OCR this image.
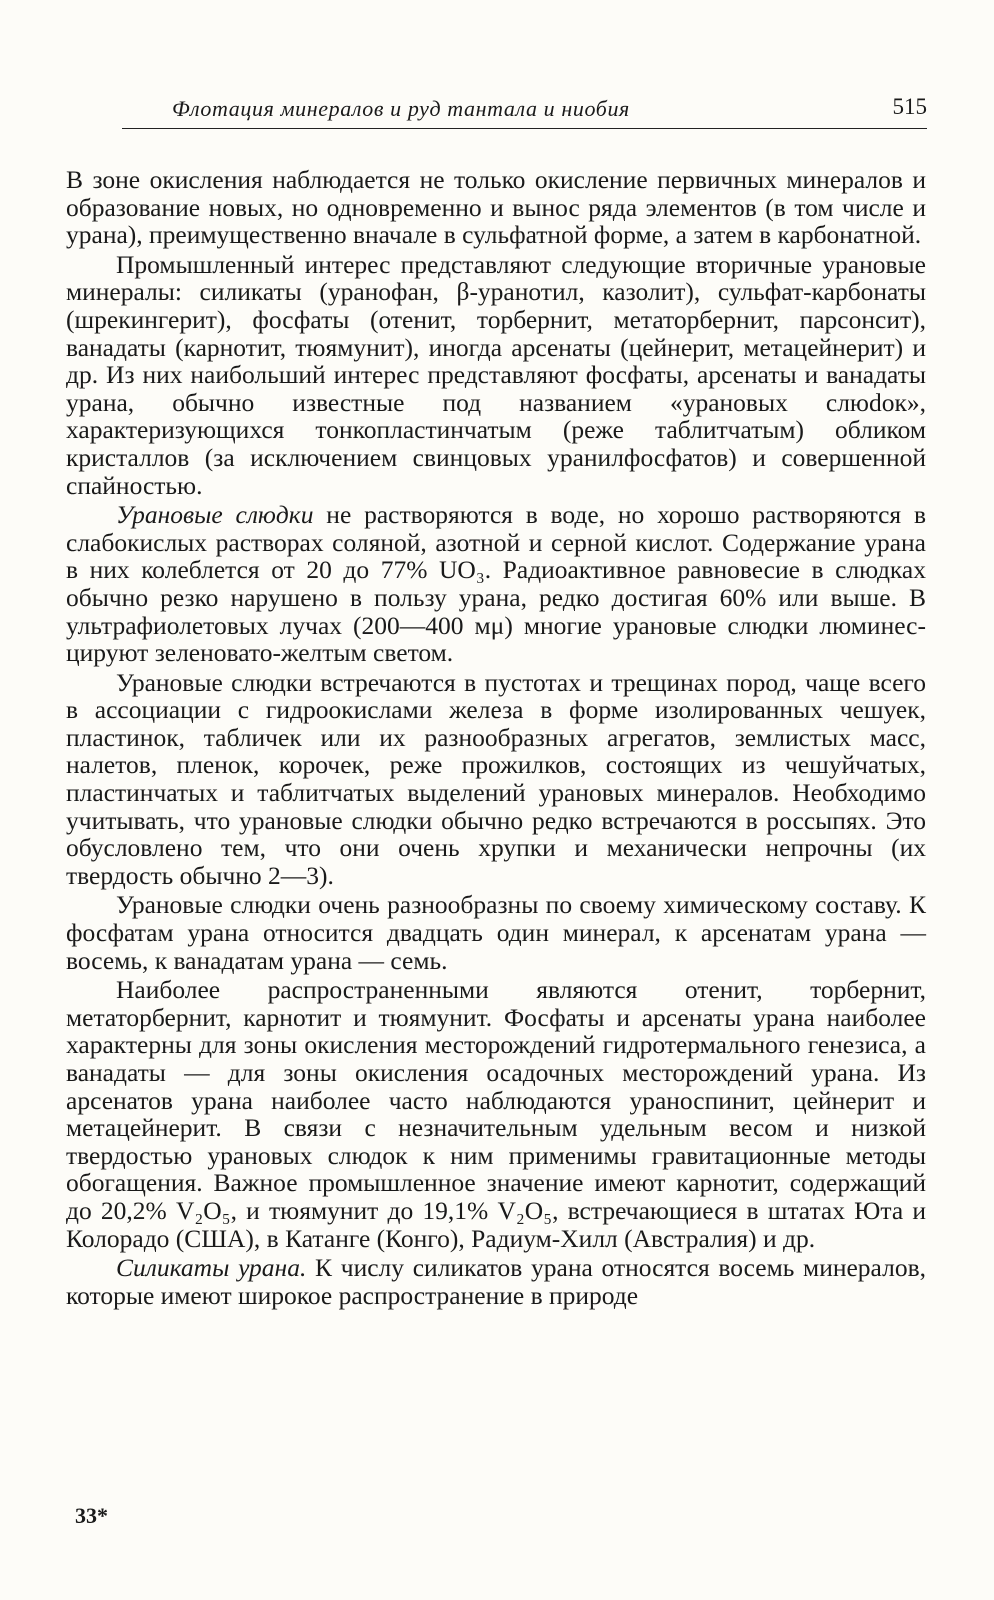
Флотация минералов и руд тантала и ниобия	515

В зоне окисления наблюдается не только окисление первичных минералов и образование новых, но одновременно и вынос ряда элементов (в том числе и урана), преимущественно вначале в сульфатной форме, а затем в карбонатной.

Промышленный интерес представляют следующие вторичные урановые минералы: силикаты (уранофан, β-уранотил, казолит), сульфат-карбонаты (шрекингерит), фосфаты (отенит, торбернит, метаторбернит, парсонсит), ванадаты (карнотит, тюямунит), иногда арсенаты (цейнерит, метацейнерит) и др. Из них наибольший интерес представляют фосфаты, арсенаты и ванадаты урана, обычно известные под названием «урановых слюdок», характеризующихся тонкопластинчатым (реже таблитчатым) обликом кристаллов (за исключением свинцовых уранилфосфатов) и совершенной спайностью.

Урановые слюдки не растворяются в воде, но хорошо растворяются в слабокислых растворах соляной, азотной и серной кислот. Содержание урана в них колеблется от 20 до 77% UO₃. Радиоактивное равновесие в слюдках обычно резко нарушено в пользу урана, редко достигая 60% или выше. В ультрафиолетовых лучах (200—400 мμ) многие урановые слюдки люминесцируют зеленовато-желтым светом.

Урановые слюдки встречаются в пустотах и трещинах пород, чаще всего в ассоциации с гидроокислами железа в форме изолированных чешуек, пластинок, табличек или их разнообразных агрегатов, землистых масс, налетов, пленок, корочек, реже прожилков, состоящих из чешуйчатых, пластинчатых и таблитчатых выделений урановых минералов. Необходимо учитывать, что урановые слюдки обычно редко встречаются в россыпях. Это обусловлено тем, что они очень хрупки и механически непрочны (их твердость обычно 2—3).

Урановые слюдки очень разнообразны по своему химическому составу. К фосфатам урана относится двадцать один минерал, к арсенатам урана — восемь, к ванадатам урана — семь.

Наиболее распространенными являются отенит, торбернит, метаторбернит, карнотит и тюямунит. Фосфаты и арсенаты урана наиболее характерны для зоны окисления месторождений гидротермального генезиса, а ванадаты — для зоны окисления осадочных месторождений урана. Из арсенатов урана наиболее часто наблюдаются ураноспинит, цейнерит и метацейнерит. В связи с незначительным удельным весом и низкой твердостью урановых слюдок к ним применимы гравитационные методы обогащения. Важное промышленное значение имеют карнотит, содержащий до 20,2% V₂O₅, и тюямунит до 19,1% V₂O₅, встречающиеся в штатах Юта и Колорадо (США), в Катанге (Конго), Радиум-Хилл (Австралия) и др.

Силикаты урана. К числу силикатов урана относятся восемь минералов, которые имеют широкое распространение в природе

33*
